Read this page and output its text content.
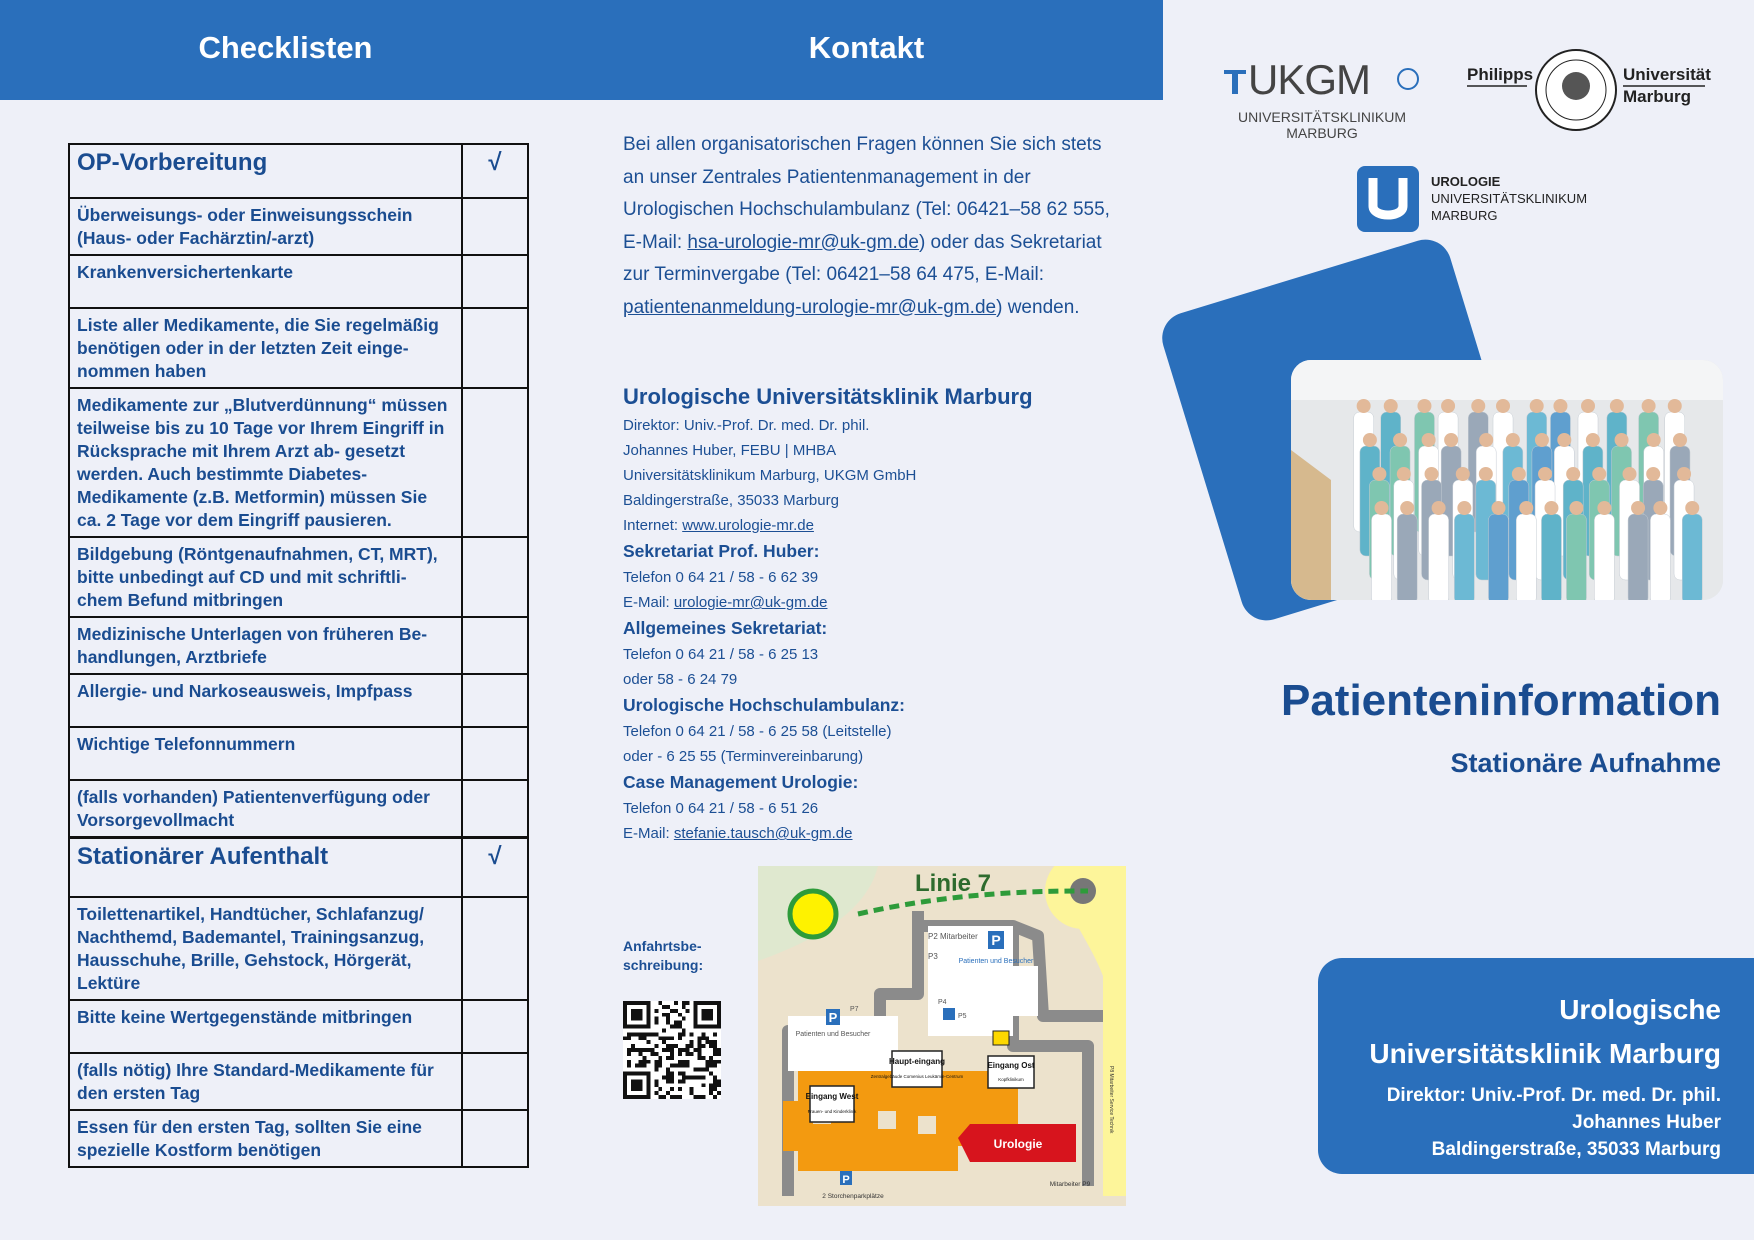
Checklisten	Kontakt
OP-Vorbereitung	√
Überweisungs- oder Einweisungsschein (Haus- oder Fachärztin/-arzt)	
Krankenversichertenkarte	
Liste aller Medikamente, die Sie regelmäßig benötigen oder in der letzten Zeit einge- nommen haben	
Medikamente zur „Blutverdünnung“ müssen teilweise bis zu 10 Tage vor Ihrem Eingriff in Rücksprache mit Ihrem Arzt ab- gesetzt werden. Auch bestimmte Diabetes- Medikamente (z.B. Metformin) müssen Sie ca. 2 Tage vor dem Eingriff pausieren.	
Bildgebung (Röntgenaufnahmen, CT, MRT), bitte unbedingt auf CD und mit schriftli- chem Befund mitbringen	
Medizinische Unterlagen von früheren Be- handlungen, Arztbriefe	
Allergie- und Narkoseausweis, Impfpass	
Wichtige Telefonnummern	
(falls vorhanden) Patientenverfügung oder Vorsorgevollmacht	
Stationärer Aufenthalt	√
Toilettenartikel, Handtücher, Schlafanzug/ Nachthemd, Bademantel, Trainingsanzug, Hausschuhe, Brille, Gehstock, Hörgerät, Lektüre	
Bitte keine Wertgegenstände mitbringen	
(falls nötig) Ihre Standard-Medikamente für den ersten Tag	
Essen für den ersten Tag, sollten Sie eine spezielle Kostform benötigen	
Bei allen organisatorischen Fragen können Sie sich stets an unser Zentrales Patientenmanagement in der Urologischen Hochschulambulanz (Tel: 06421–58 62 555, E-Mail: hsa-urologie-mr@uk-gm.de) oder das Sekretariat zur Terminvergabe (Tel: 06421–58 64 475, E-Mail: patientenanmeldung-urologie-mr@uk-gm.de) wenden.
Urologische Universitätsklinik Marburg
Direktor: Univ.-Prof. Dr. med. Dr. phil.
Johannes Huber, FEBU | MHBA
Universitätsklinikum Marburg, UKGM GmbH
Baldingerstraße, 35033 Marburg
Internet: www.urologie-mr.de
Sekretariat Prof. Huber:
Telefon 0 64 21 / 58 - 6 62 39
E-Mail: urologie-mr@uk-gm.de
Allgemeines Sekretariat:
Telefon 0 64 21 / 58 - 6 25 13
oder 58 - 6 24 79
Urologische Hochschulambulanz:
Telefon 0 64 21 / 58 - 6 25 58 (Leitstelle)
oder - 6 25 55 (Terminvereinbarung)
Case Management Urologie:
Telefon 0 64 21 / 58 - 6 51 26
E-Mail: stefanie.tausch@uk-gm.de
Anfahrtsbe-
schreibung:
Linie 7
P2 Mitarbeiter
P3
P
Patienten und Besucher
P
P7
Patienten und Besucher
P4
P5
Haupt-eingang
Zentralgebäude Comenius Leukämie-Centrum
Eingang Ost
Kopfklinikum
Eingang West
Frauen- und Kinderklinik
Urologie
P
2 Storchenparkplätze
Mitarbeiter P9
P8 Mitarbeiter Service Technik
UKGM
UNIVERSITÄTSKLINIKUM
MARBURG
Philipps	Universität
Marburg
UROLOGIE
UNIVERSITÄTSKLINIKUM
MARBURG
Patienteninformation
Stationäre Aufnahme
Urologische
Universitätsklinik Marburg
Direktor: Univ.-Prof. Dr. med. Dr. phil.
Johannes Huber
Baldingerstraße, 35033 Marburg
